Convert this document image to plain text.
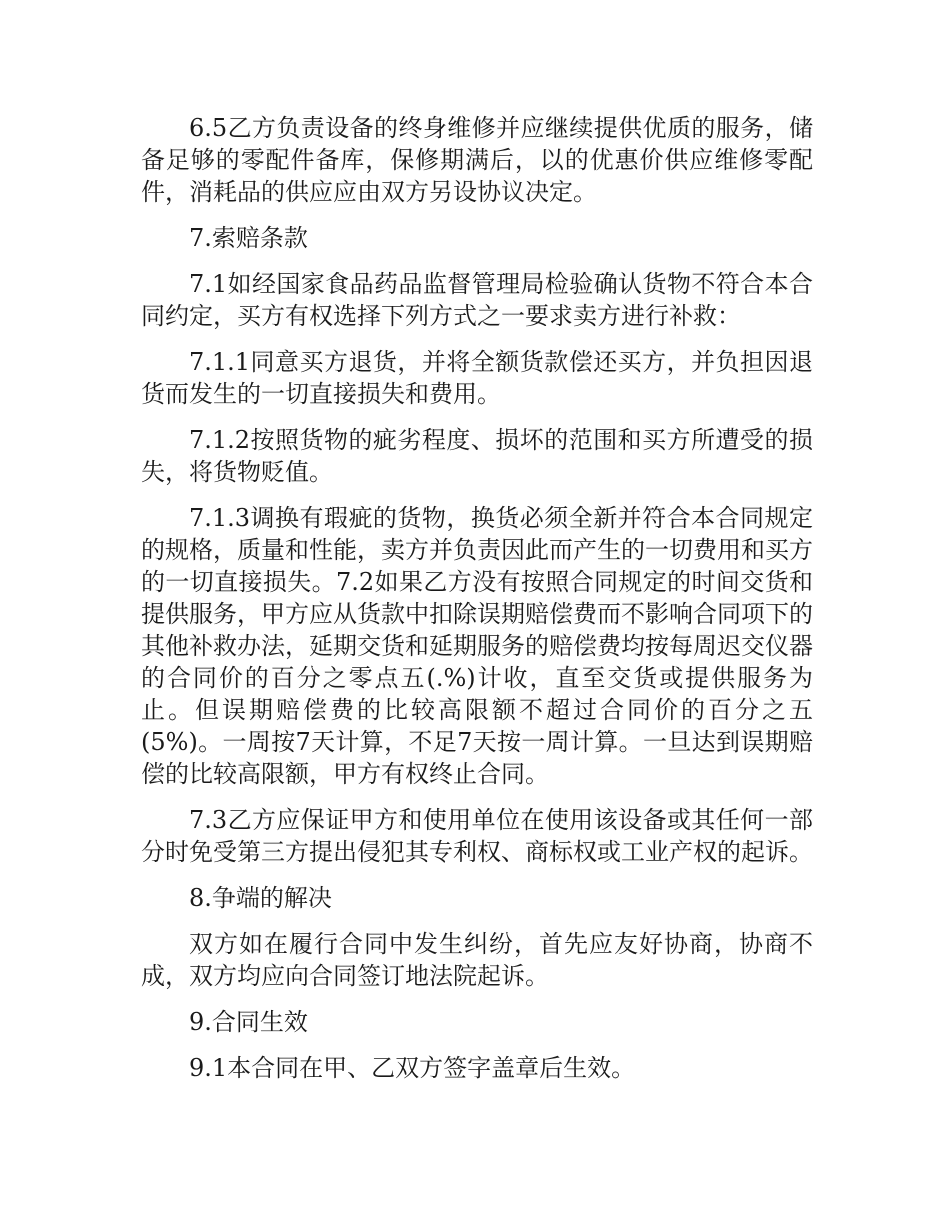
6.5乙方负责设备的终身维修并应继续提供优质的服务，储备足够的零配件备库，保修期满后，以的优惠价供应维修零配件，消耗品的供应应由双方另设协议决定。

7.索赔条款

7.1如经国家食品药品监督管理局检验确认货物不符合本合同约定，买方有权选择下列方式之一要求卖方进行补救：

7.1.1同意买方退货，并将全额货款偿还买方，并负担因退货而发生的一切直接损失和费用。

7.1.2按照货物的疵劣程度、损坏的范围和买方所遭受的损失，将货物贬值。

7.1.3调换有瑕疵的货物，换货必须全新并符合本合同规定的规格，质量和性能，卖方并负责因此而产生的一切费用和买方的一切直接损失。7.2如果乙方没有按照合同规定的时间交货和提供服务，甲方应从货款中扣除误期赔偿费而不影响合同项下的其他补救办法，延期交货和延期服务的赔偿费均按每周迟交仪器的合同价的百分之零点五(.%)计收，直至交货或提供服务为止。但误期赔偿费的比较高限额不超过合同价的百分之五(5%)。一周按7天计算，不足7天按一周计算。一旦达到误期赔偿的比较高限额，甲方有权终止合同。

7.3乙方应保证甲方和使用单位在使用该设备或其任何一部分时免受第三方提出侵犯其专利权、商标权或工业产权的起诉。

8.争端的解决

双方如在履行合同中发生纠纷，首先应友好协商，协商不成，双方均应向合同签订地法院起诉。

9.合同生效

9.1本合同在甲、乙双方签字盖章后生效。
